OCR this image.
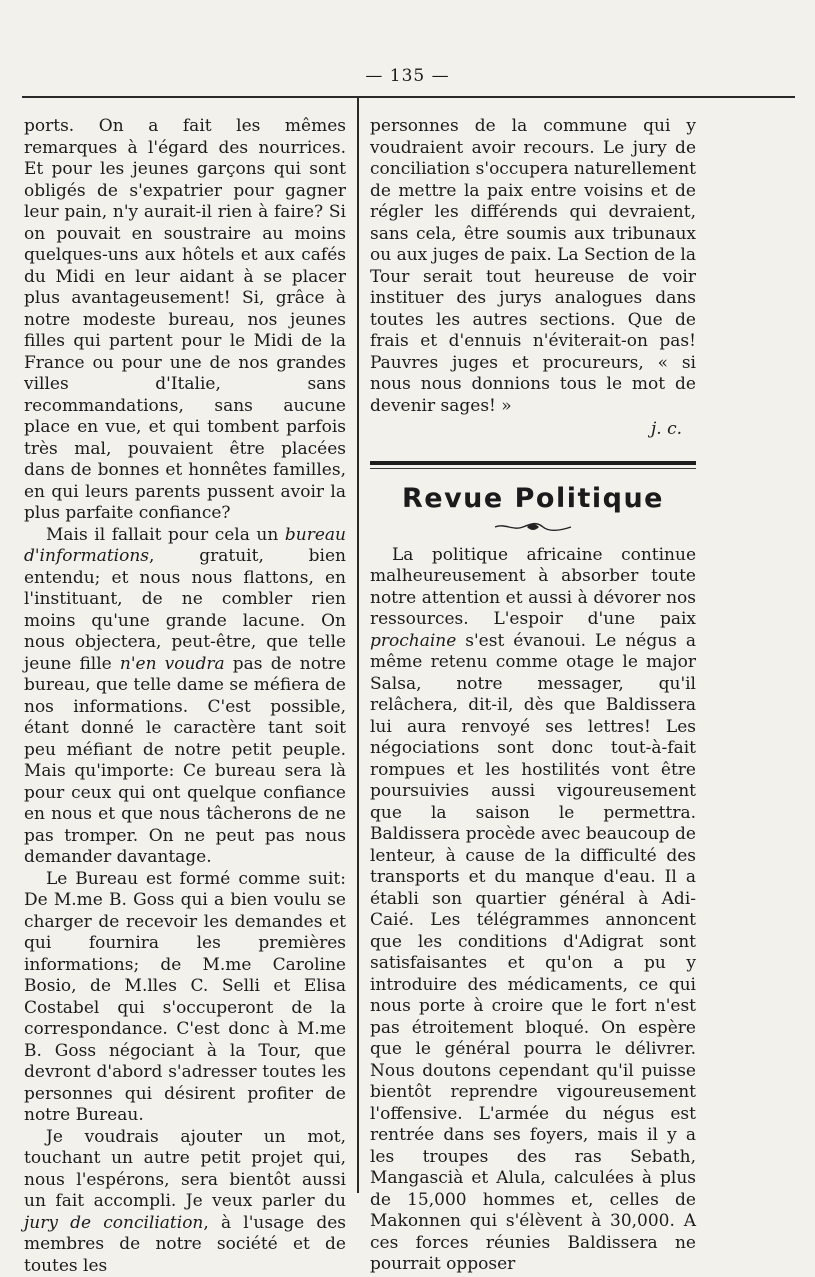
— 135 —

ports. On a fait les mêmes remarques à l'égard des nourrices. Et pour les jeunes garçons qui sont obligés de s'expatrier pour gagner leur pain, n'y aurait-il rien à faire? Si on pouvait en soustraire au moins quelques-uns aux hôtels et aux cafés du Midi en leur aidant à se placer plus avantageusement! Si, grâce à notre modeste bureau, nos jeunes filles qui partent pour le Midi de la France ou pour une de nos grandes villes d'Italie, sans recommandations, sans aucune place en vue, et qui tombent parfois très mal, pouvaient être placées dans de bonnes et honnêtes familles, en qui leurs parents pussent avoir la plus parfaite confiance?

Mais il fallait pour cela un bureau d'informations, gratuit, bien entendu; et nous nous flattons, en l'instituant, de ne combler rien moins qu'une grande lacune. On nous objectera, peut-être, que telle jeune fille n'en voudra pas de notre bureau, que telle dame se méfiera de nos informations. C'est possible, étant donné le caractère tant soit peu méfiant de notre petit peuple. Mais qu'importe: Ce bureau sera là pour ceux qui ont quelque confiance en nous et que nous tâcherons de ne pas tromper. On ne peut pas nous demander davantage.

Le Bureau est formé comme suit: De M.me B. Goss qui a bien voulu se charger de recevoir les demandes et qui fournira les premières informations; de M.me Caroline Bosio, de M.lles C. Selli et Elisa Costabel qui s'occuperont de la correspondance. C'est donc à M.me B. Goss négociant à la Tour, que devront d'abord s'adresser toutes les personnes qui désirent profiter de notre Bureau.

Je voudrais ajouter un mot, touchant un autre petit projet qui, nous l'espérons, sera bientôt aussi un fait accompli. Je veux parler du jury de conciliation, à l'usage des membres de notre société et de toutes les

personnes de la commune qui y voudraient avoir recours. Le jury de conciliation s'occupera naturellement de mettre la paix entre voisins et de régler les différends qui devraient, sans cela, être soumis aux tribunaux ou aux juges de paix. La Section de la Tour serait tout heureuse de voir instituer des jurys analogues dans toutes les autres sections. Que de frais et d'ennuis n'éviterait-on pas! Pauvres juges et procureurs, « si nous nous donnions tous le mot de devenir sages! »

j. c.

Revue Politique

La politique africaine continue malheureusement à absorber toute notre attention et aussi à dévorer nos ressources. L'espoir d'une paix prochaine s'est évanoui. Le négus a même retenu comme otage le major Salsa, notre messager, qu'il relâchera, dit-il, dès que Baldissera lui aura renvoyé ses lettres! Les négociations sont donc tout-à-fait rompues et les hostilités vont être poursuivies aussi vigoureusement que la saison le permettra. Baldissera procède avec beaucoup de lenteur, à cause de la difficulté des transports et du manque d'eau. Il a établi son quartier général à Adi-Caié. Les télégrammes annoncent que les conditions d'Adigrat sont satisfaisantes et qu'on a pu y introduire des médicaments, ce qui nous porte à croire que le fort n'est pas étroitement bloqué. On espère que le général pourra le délivrer. Nous doutons cependant qu'il puisse bientôt reprendre vigoureusement l'offensive. L'armée du négus est rentrée dans ses foyers, mais il y a les troupes des ras Sebath, Mangascià et Alula, calculées à plus de 15,000 hommes et, celles de Makonnen qui s'élèvent à 30,000. A ces forces réunies Baldissera ne pourrait opposer
